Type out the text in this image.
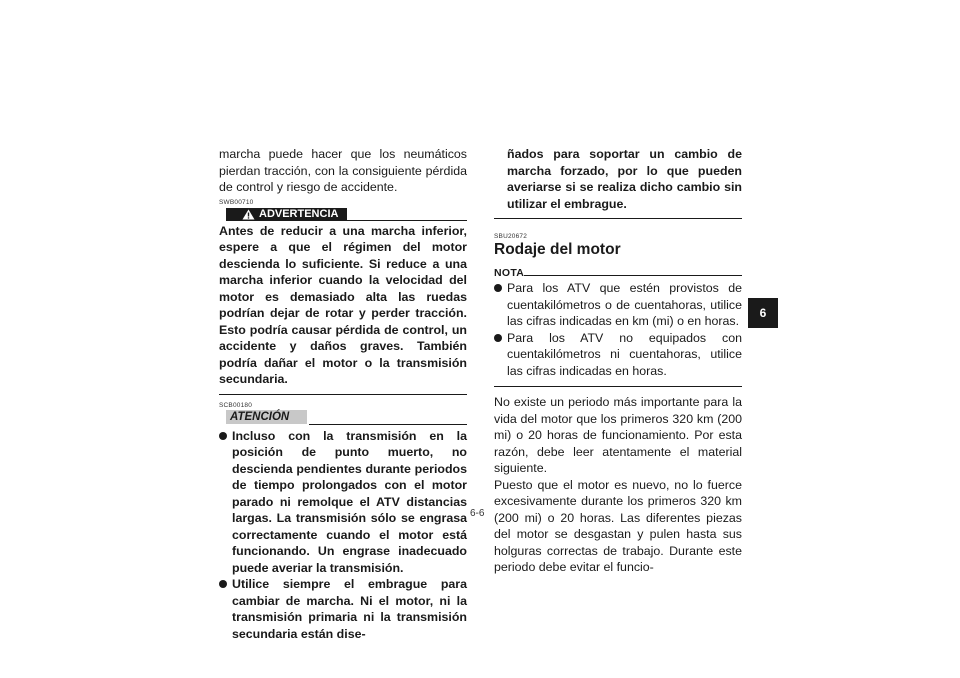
marcha puede hacer que los neumáticos pierdan tracción, con la consiguiente pérdida de control y riesgo de accidente.

SWB00710
ADVERTENCIA

Antes de reducir a una marcha inferior, espere a que el régimen del motor descienda lo suficiente. Si reduce a una marcha inferior cuando la velocidad del motor es demasiado alta las ruedas podrían dejar de rotar y perder tracción. Esto podría causar pérdida de control, un accidente y daños graves. También podría dañar el motor o la transmisión secundaria.

SCB00180
ATENCIÓN

Incluso con la transmisión en la posición de punto muerto, no descienda pendientes durante periodos de tiempo prolongados con el motor parado ni remolque el ATV distancias largas. La transmisión sólo se engrasa correctamente cuando el motor está funcionando. Un engrase inadecuado puede averiar la transmisión.

Utilice siempre el embrague para cambiar de marcha. Ni el motor, ni la transmisión primaria ni la transmisión secundaria están dise-

ñados para soportar un cambio de marcha forzado, por lo que pueden averiarse si se realiza dicho cambio sin utilizar el embrague.

SBU20672
Rodaje del motor
NOTA

Para los ATV que estén provistos de cuentakilómetros o de cuentahoras, utilice las cifras indicadas en km (mi) o en horas.

Para los ATV no equipados con cuentakilómetros ni cuentahoras, utilice las cifras indicadas en horas.

No existe un periodo más importante para la vida del motor que los primeros 320 km (200 mi) o 20 horas de funcionamiento. Por esta razón, debe leer atentamente el material siguiente.

Puesto que el motor es nuevo, no lo fuerce excesivamente durante los primeros 320 km (200 mi) o 20 horas. Las diferentes piezas del motor se desgastan y pulen hasta sus holguras correctas de trabajo. Durante este periodo debe evitar el funcio-

6-6
6
